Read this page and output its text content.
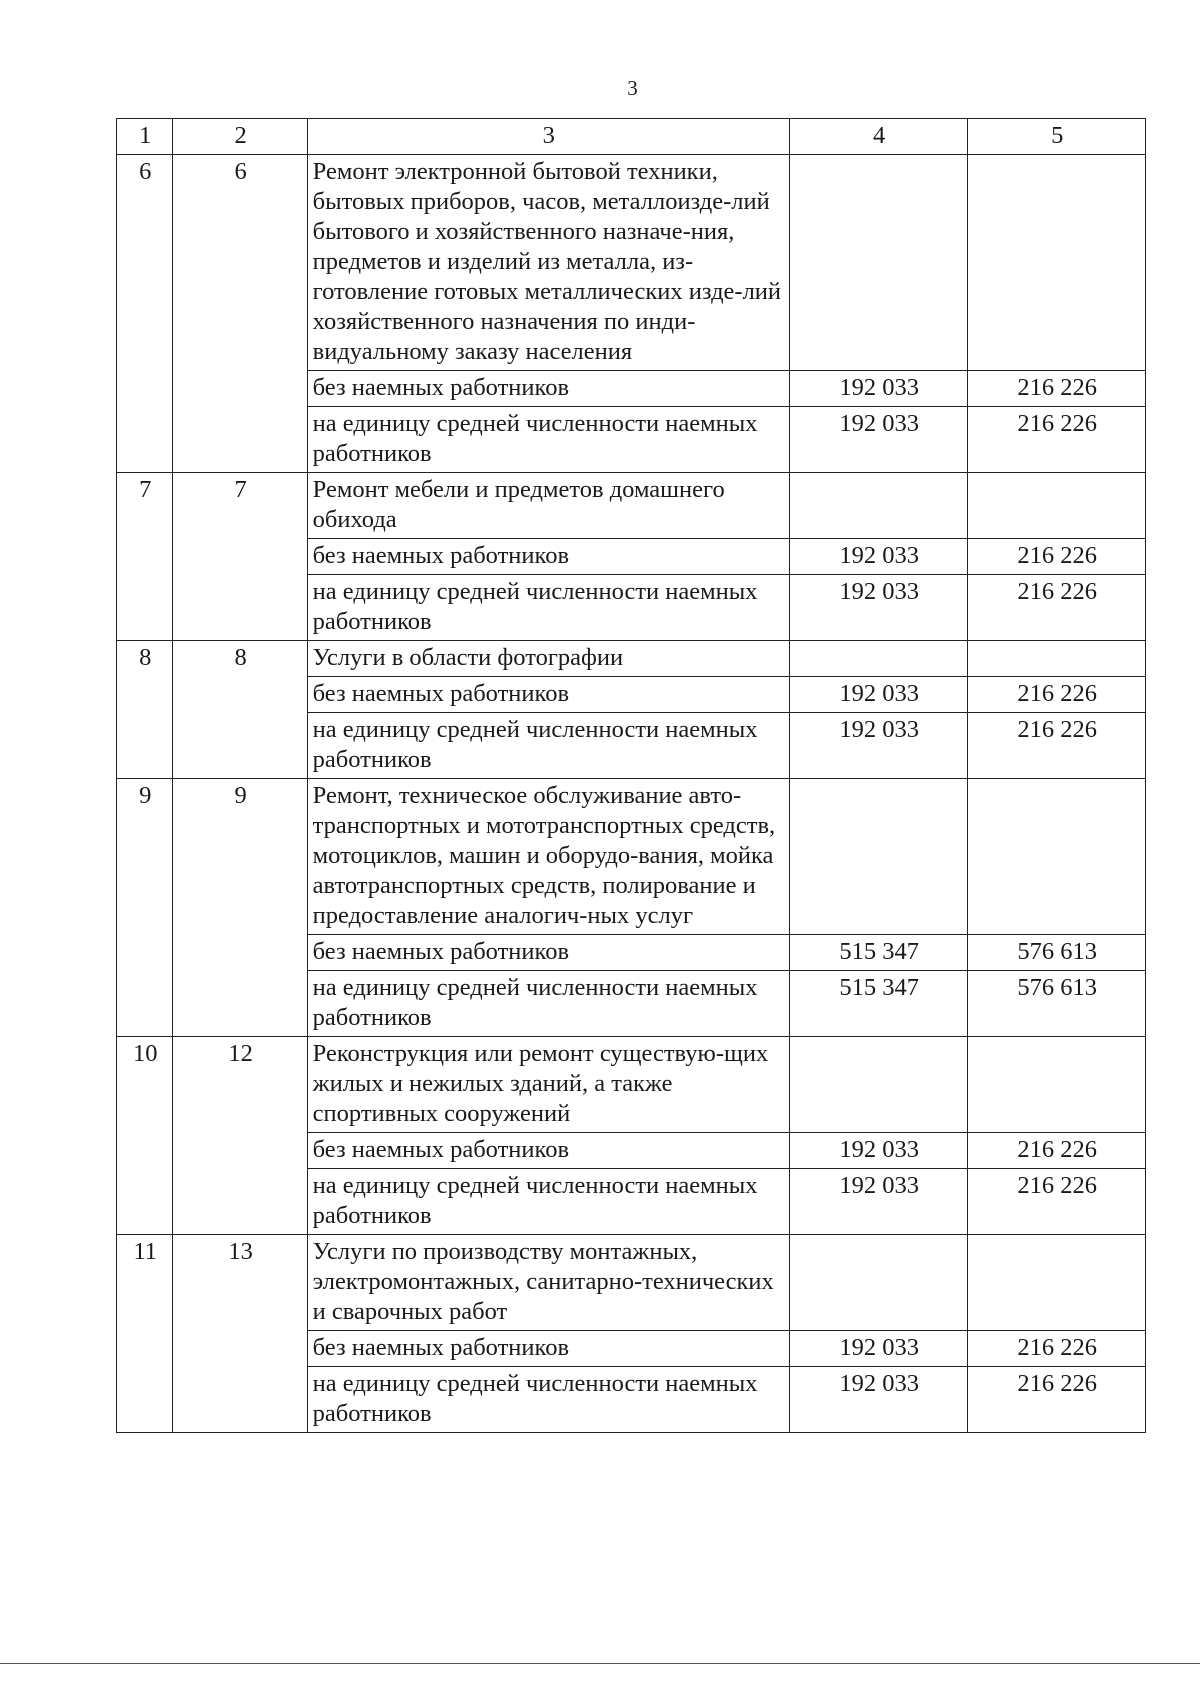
3
1	2	3	4	5
6	6	Ремонт электронной бытовой техники, бытовых приборов, часов, металлоизде-лий бытового и хозяйственного назначе-ния, предметов и изделий из металла, из-готовление готовых металлических изде-лий хозяйственного назначения по инди-видуальному заказу населения		
		без наемных работников	192 033	216 226
		на единицу средней численности наемных работников	192 033	216 226
7	7	Ремонт мебели и предметов домашнего обихода		
		без наемных работников	192 033	216 226
		на единицу средней численности наемных работников	192 033	216 226
8	8	Услуги в области фотографии		
		без наемных работников	192 033	216 226
		на единицу средней численности наемных работников	192 033	216 226
9	9	Ремонт, техническое обслуживание авто-транспортных и мототранспортных средств, мотоциклов, машин и оборудо-вания, мойка автотранспортных средств, полирование и предоставление аналогич-ных услуг		
		без наемных работников	515 347	576 613
		на единицу средней численности наемных работников	515 347	576 613
10	12	Реконструкция или ремонт существую-щих жилых и нежилых зданий, а также спортивных сооружений		
		без наемных работников	192 033	216 226
		на единицу средней численности наемных работников	192 033	216 226
11	13	Услуги по производству монтажных, электромонтажных, санитарно-технических и сварочных работ		
		без наемных работников	192 033	216 226
		на единицу средней численности наемных работников	192 033	216 226
